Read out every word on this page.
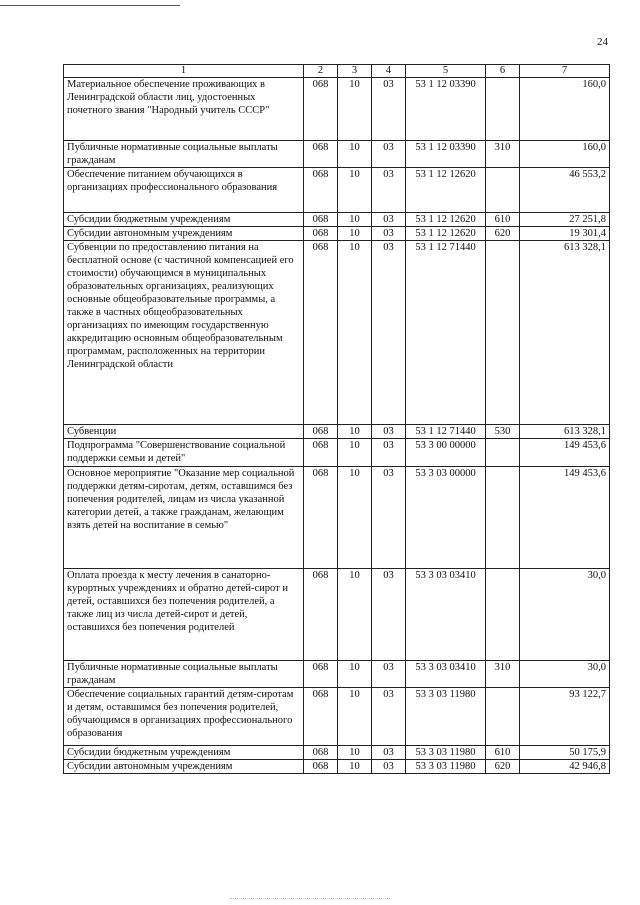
24
1	2	3	4	5	6	7
Материальное обеспечение проживающих в Ленинградской области лиц, удостоенных почетного звания "Народный учитель СССР"	068	10	03	53 1 12 03390		160,0
Публичные нормативные социальные выплаты гражданам	068	10	03	53 1 12 03390	310	160,0
Обеспечение питанием обучающихся в организациях профессионального образования	068	10	03	53 1 12 12620		46 553,2
Субсидии бюджетным учреждениям	068	10	03	53 1 12 12620	610	27 251,8
Субсидии автономным учреждениям	068	10	03	53 1 12 12620	620	19 301,4
Субвенции по предоставлению питания на бесплатной основе (с частичной компенсацией его стоимости) обучающимся в муниципальных образовательных организациях, реализующих основные общеобразовательные программы, а также в частных общеобразовательных организациях по имеющим государственную аккредитацию основным общеобразовательным программам, расположенных на территории Ленинградской области	068	10	03	53 1 12 71440		613 328,1
Субвенции	068	10	03	53 1 12 71440	530	613 328,1
Подпрограмма "Совершенствование социальной поддержки семьи и детей"	068	10	03	53 3 00 00000		149 453,6
Основное мероприятие "Оказание мер социальной поддержки детям-сиротам, детям, оставшимся без попечения родителей, лицам из числа указанной категории детей, а также гражданам, желающим взять детей на воспитание в семью"	068	10	03	53 3 03 00000		149 453,6
Оплата проезда к месту лечения в санаторно-курортных учреждениях и обратно детей-сирот и детей, оставшихся без попечения родителей, а также лиц из числа детей-сирот и детей, оставшихся без попечения родителей	068	10	03	53 3 03 03410		30,0
Публичные нормативные социальные выплаты гражданам	068	10	03	53 3 03 03410	310	30,0
Обеспечение социальных гарантий детям-сиротам и детям, оставшимся без попечения родителей, обучающимся в организациях профессионального образования	068	10	03	53 3 03 11980		93 122,7
Субсидии бюджетным учреждениям	068	10	03	53 3 03 11980	610	50 175,9
Субсидии автономным учреждениям	068	10	03	53 3 03 11980	620	42 946,8
